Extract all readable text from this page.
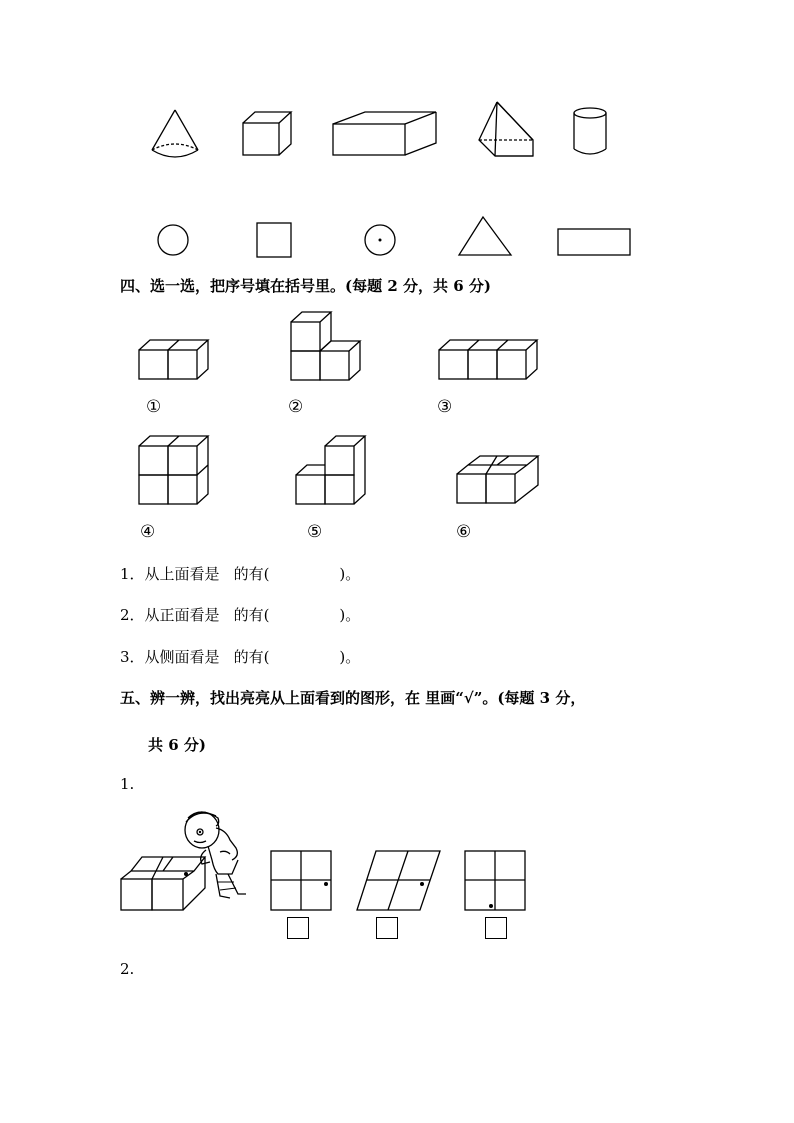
四、选一选，把序号填在括号里。(每题 2 分，共 6 分)
①	②	③
④	⑤	⑥
1．从上面看是 的有(	)。
2．从正面看是 的有(	)。
3．从侧面看是 的有(	)。
五、辨一辨，找出亮亮从上面看到的图形，在 里画“√”。(每题 3 分，
共 6 分)
1.
2.
